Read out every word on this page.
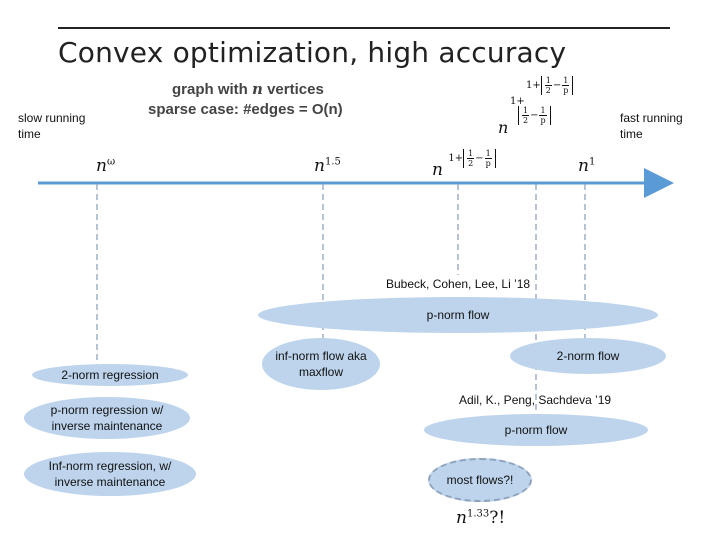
Convex optimization, high accuracy
graph with n vertices
sparse case: #edges = O(n)
slow running time
fast running time
n
1+
$1+ \frac{1}{2} - \frac{1}{p}$
$\frac{1}{2} - \frac{1}{p}$
$n^\omega$	$n^{1.5}$	n $1+ \frac{1}{2} - \frac{1}{p}$	$n^1$
Bubeck, Cohen, Lee, Li ’18
Adil, K., Peng, Sachdeva ’19
p-norm flow
inf-norm flow aka maxflow
2-norm flow
2-norm regression
p-norm regression w/ inverse maintenance	p-norm flow
Inf-norm regression, w/ inverse maintenance	most flows?!
$n^{1.33}$?!
